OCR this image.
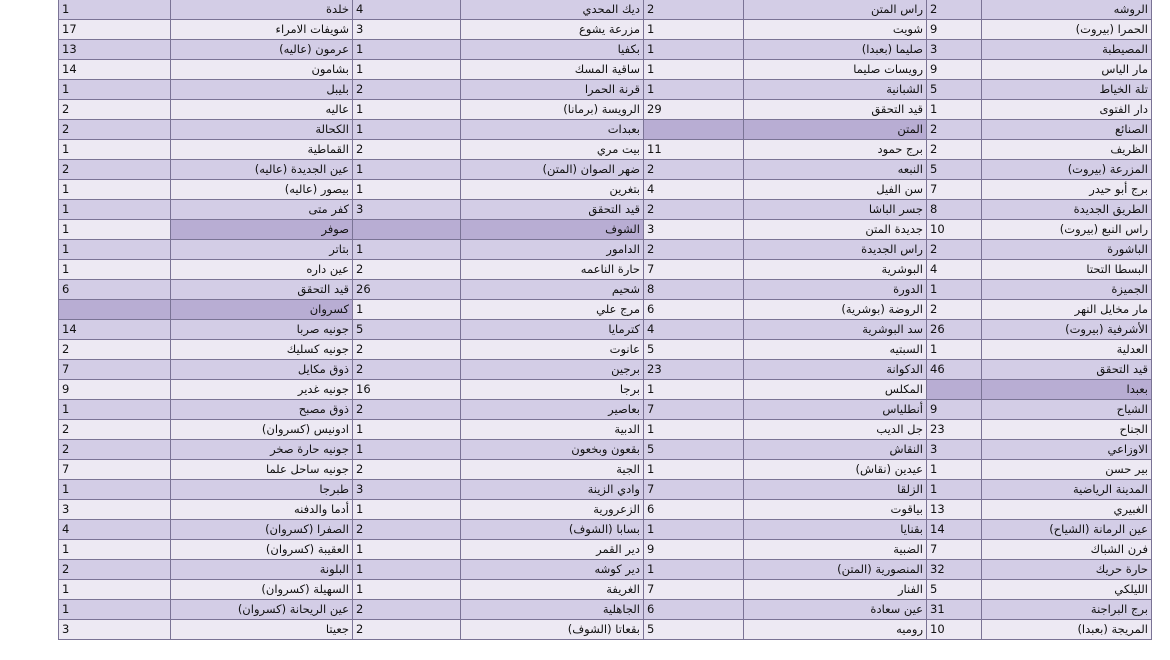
1	خلدة	4	ديك المحدي	2	راس المتن	2	الروشه
17	شويفات الامراء	3	مزرعة يشوع	1	شويت	9	الحمرا (بيروت)
13	عرمون (عاليه)	1	بكفيا	1	صليما (بعبدا)	3	المصيطبة
14	بشامون	1	ساقية المسك	1	رويسات صليما	9	مار الياس
1	بليبل	2	قرنة الحمرا	1	الشبانية	5	تلة الخياط
2	عاليه	1	الرويسة (برمانا)	29	قيد التحقق	1	دار الفتوى
2	الكحالة	1	بعبدات		المتن	2	الصنائع
1	القماطية	2	بيت مري	11	برج حمود	2	الظريف
2	عين الجديدة (عاليه)	1	ضهر الصوان (المتن)	2	النبعه	5	المزرعة (بيروت)
1	بيصور (عاليه)	1	بتغرين	4	سن الفيل	7	برج أبو حيدر
1	كفر متى	3	قيد التحقق	2	جسر الباشا	8	الطريق الجديدة
1	صوفر		الشوف	3	جديدة المتن	10	راس النبع (بيروت)
1	بتاتر	1	الدامور	2	راس الجديدة	2	الباشورة
1	عين داره	2	حارة الناعمه	7	البوشرية	4	البسطا التحتا
6	قيد التحقق	26	شحيم	8	الدورة	1	الجميزة
	كسروان	1	مرج علي	6	الروضة (بوشرية)	2	مار مخايل النهر
14	جونيه صربا	5	كترمايا	4	سد البوشرية	26	الأشرفية (بيروت)
2	جونيه كسليك	2	عانوت	5	السبتيه	1	العدلية
7	ذوق مكايل	2	برجين	23	الدكوانة	46	قيد التحقق
9	جونيه غدير	16	برجا	1	المكلس		بعبدا
1	ذوق مصبح	2	بعاصير	7	أنطلياس	9	الشياح
2	ادونيس (كسروان)	1	الدبية	1	جل الديب	23	الجناح
2	جونيه حارة صخر	1	بقعون وبخعون	5	النقاش	3	الاوزاعي
7	جونيه ساحل علما	2	الجية	1	عيدين (نقاش)	1	بير حسن
1	طبرجا	3	وادي الزينة	7	الزلقا	1	المدينة الرياضية
3	أدما والدفنه	1	الزعرورية	6	بياقوت	13	الغبيري
4	الصفرا (كسروان)	2	بسابا (الشوف)	1	بقنايا	14	عين الرمانة (الشياح)
1	العقيبة (كسروان)	1	دير القمر	9	الضبية	7	فرن الشباك
2	البلونة	1	دير كوشه	1	المنصورية (المتن)	32	حارة حريك
1	السهيلة (كسروان)	1	الغريفة	7	الفنار	5	الليلكي
1	عين الريحانة (كسروان)	2	الجاهلية	6	عين سعادة	31	برج البراجنة
3	جعيتا	2	بقعاتا (الشوف)	5	روميه	10	المريجة (بعبدا)
